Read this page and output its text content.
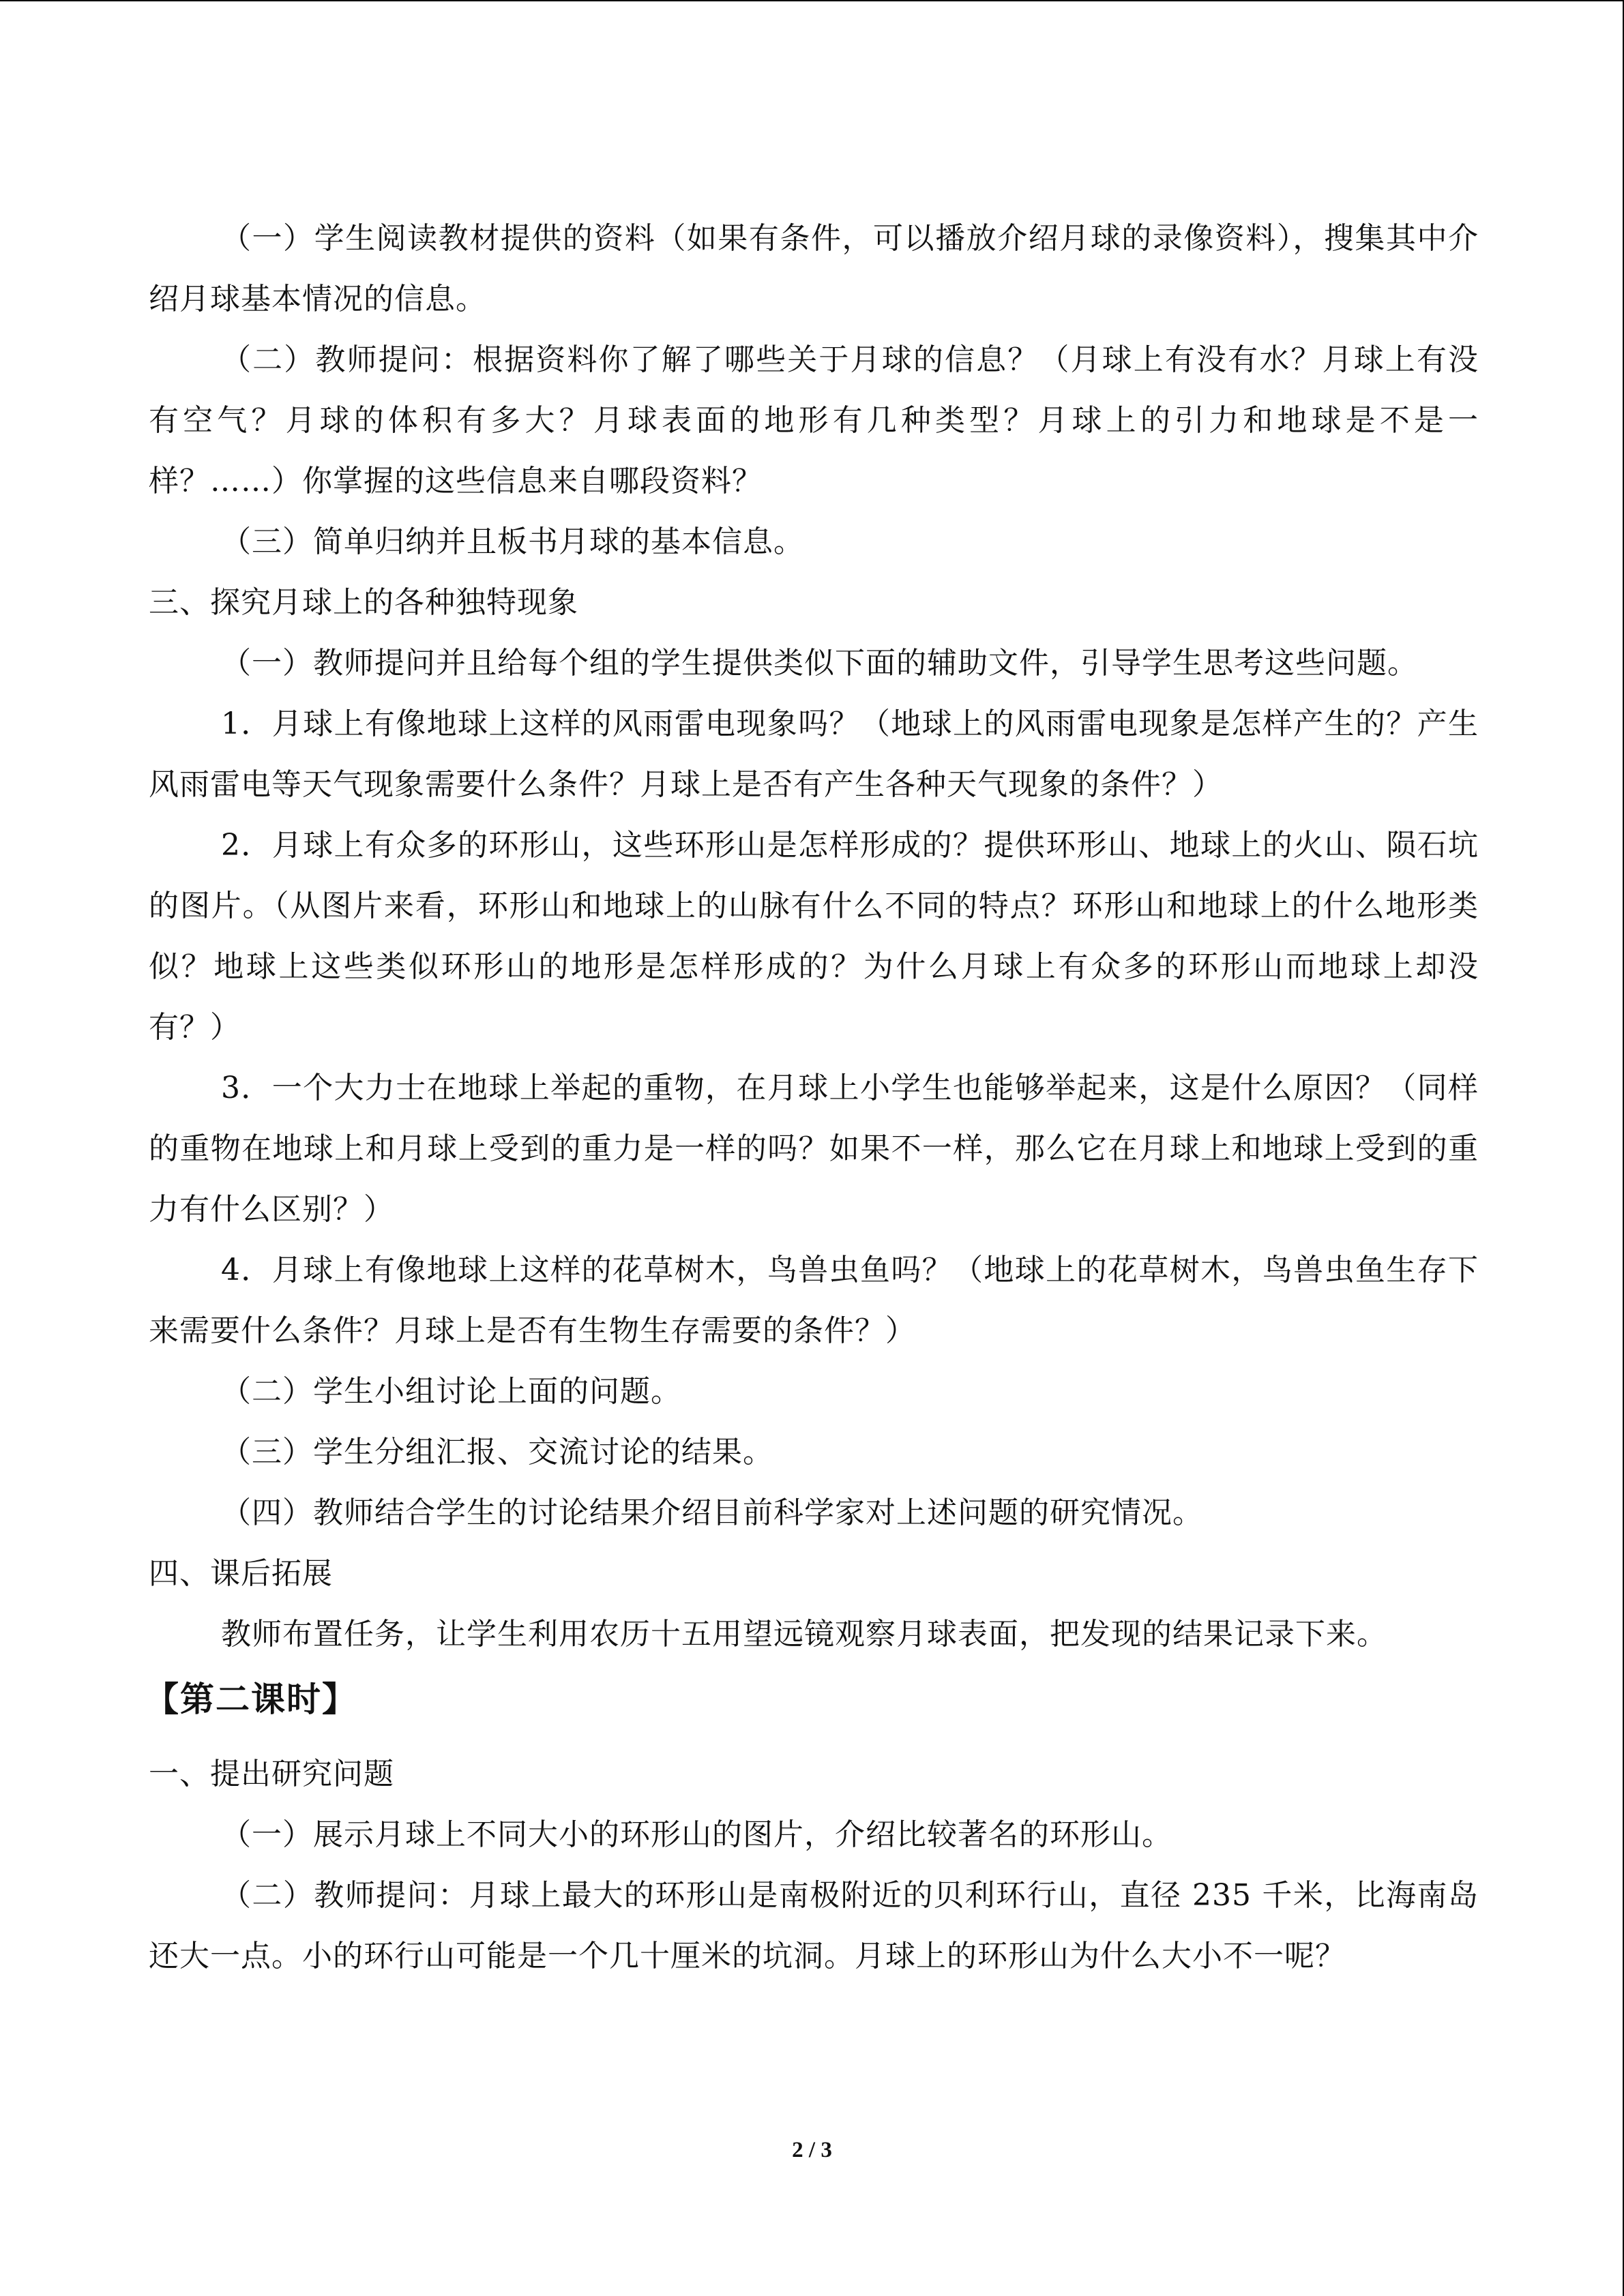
（一）学生阅读教材提供的资料（如果有条件，可以播放介绍月球的录像资料），搜集其中介绍月球基本情况的信息。

（二）教师提问：根据资料你了解了哪些关于月球的信息？（月球上有没有水？月球上有没有空气？月球的体积有多大？月球表面的地形有几种类型？月球上的引力和地球是不是一样？……）你掌握的这些信息来自哪段资料？

（三）简单归纳并且板书月球的基本信息。

三、探究月球上的各种独特现象

（一）教师提问并且给每个组的学生提供类似下面的辅助文件，引导学生思考这些问题。

1．月球上有像地球上这样的风雨雷电现象吗？（地球上的风雨雷电现象是怎样产生的？产生风雨雷电等天气现象需要什么条件？月球上是否有产生各种天气现象的条件？）

2．月球上有众多的环形山，这些环形山是怎样形成的？提供环形山、地球上的火山、陨石坑的图片。（从图片来看，环形山和地球上的山脉有什么不同的特点？环形山和地球上的什么地形类似？地球上这些类似环形山的地形是怎样形成的？为什么月球上有众多的环形山而地球上却没有？）

3．一个大力士在地球上举起的重物，在月球上小学生也能够举起来，这是什么原因？（同样的重物在地球上和月球上受到的重力是一样的吗？如果不一样，那么它在月球上和地球上受到的重力有什么区别？）

4．月球上有像地球上这样的花草树木，鸟兽虫鱼吗？（地球上的花草树木，鸟兽虫鱼生存下来需要什么条件？月球上是否有生物生存需要的条件？）

（二）学生小组讨论上面的问题。

（三）学生分组汇报、交流讨论的结果。

（四）教师结合学生的讨论结果介绍目前科学家对上述问题的研究情况。

四、课后拓展

教师布置任务，让学生利用农历十五用望远镜观察月球表面，把发现的结果记录下来。

【第二课时】

一、提出研究问题

（一）展示月球上不同大小的环形山的图片，介绍比较著名的环形山。

（二）教师提问：月球上最大的环形山是南极附近的贝利环行山，直径 235 千米，比海南岛还大一点。小的环行山可能是一个几十厘米的坑洞。月球上的环形山为什么大小不一呢？

2 / 3
